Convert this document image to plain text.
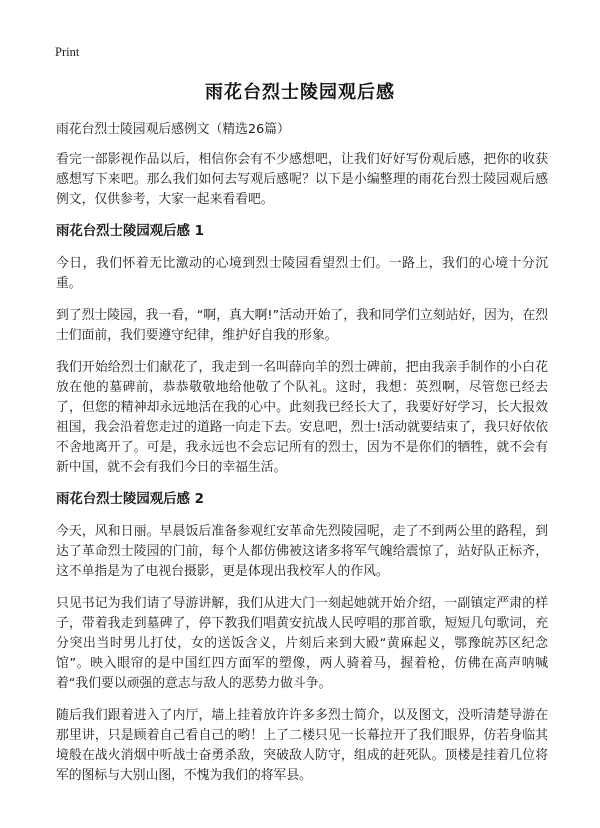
Print
雨花台烈士陵园观后感

雨花台烈士陵园观后感例文（精选26篇）

看完一部影视作品以后，相信你会有不少感想吧，让我们好好写份观后感，把你的收获感想写下来吧。那么我们如何去写观后感呢？以下是小编整理的雨花台烈士陵园观后感例文，仅供参考，大家一起来看看吧。

雨花台烈士陵园观后感 1

今日，我们怀着无比激动的心境到烈士陵园看望烈士们。一路上，我们的心境十分沉重。

到了烈士陵园，我一看，“啊，真大啊!”活动开始了，我和同学们立刻站好，因为，在烈士们面前，我们要遵守纪律，维护好自我的形象。

我们开始给烈士们献花了，我走到一名叫薛向羊的烈士碑前，把由我亲手制作的小白花放在他的墓碑前，恭恭敬敬地给他敬了个队礼。这时，我想：英烈啊，尽管您已经去了，但您的精神却永远地活在我的心中。此刻我已经长大了，我要好好学习，长大报效祖国，我会沿着您走过的道路一向走下去。安息吧，烈士!活动就要结束了，我只好依依不舍地离开了。可是，我永远也不会忘记所有的烈士，因为不是你们的牺牲，就不会有新中国，就不会有我们今日的幸福生活。

雨花台烈士陵园观后感 2

今天，风和日丽。早晨饭后准备参观红安革命先烈陵园呢，走了不到两公里的路程，到达了革命烈士陵园的门前，每个人都仿佛被这诸多将军气魄给震惊了，站好队正标齐，这不单指是为了电视台摄影，更是体现出我校军人的作风。

只见书记为我们请了导游讲解，我们从进大门一刻起她就开始介绍，一副镇定严肃的样子，带着我走到墓碑了，停下教我们唱黄安抗战人民哼唱的那首歌，短短几句歌词，充分突出当时男儿打仗，女的送饭含义，片刻后来到大殿“黄麻起义，鄂豫皖苏区纪念馆”。映入眼帘的是中国红四方面军的塑像，两人骑着马，握着枪，仿佛在高声呐喊着“我们要以顽强的意志与敌人的恶势力做斗争。

随后我们跟着进入了内厅，墙上挂着放许许多多烈士简介，以及图文，没听清楚导游在那里讲，只是顾着自己看自己的哟！上了二楼只见一长幕拉开了我们眼界，仿若身临其境般在战火消烟中听战士奋勇杀敌，突破敌人防守，组成的赶死队。顶楼是挂着几位将军的图标与大别山图，不愧为我们的将军县。
